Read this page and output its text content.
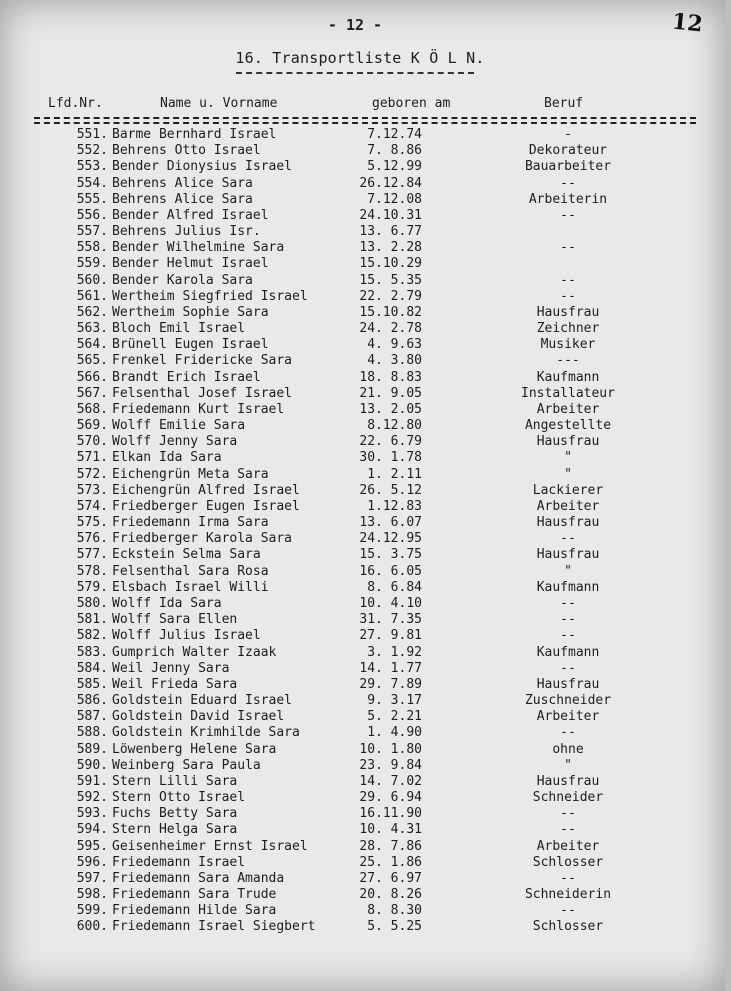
- 12 -	12
16. Transportliste K Ö L N.
Lfd.Nr.	Name u. Vorname	geboren am	Beruf
551. Barme Bernhard Israel	7.12.74	-
552. Behrens Otto Israel	7. 8.86	Dekorateur
553. Bender Dionysius Israel	5.12.99	Bauarbeiter
554. Behrens Alice Sara	26.12.84	--
555. Behrens Alice Sara	7.12.08	Arbeiterin
556. Bender Alfred Israel	24.10.31	--
557. Behrens Julius Isr.	13. 6.77
558. Bender Wilhelmine Sara	13. 2.28	--
559. Bender Helmut Israel	15.10.29
560. Bender Karola Sara	15. 5.35	--
561. Wertheim Siegfried Israel	22. 2.79	--
562. Wertheim Sophie Sara	15.10.82	Hausfrau
563. Bloch Emil Israel	24. 2.78	Zeichner
564. Brünell Eugen Israel	4. 9.63	Musiker
565. Frenkel Fridericke Sara	4. 3.80	---
566. Brandt Erich Israel	18. 8.83	Kaufmann
567. Felsenthal Josef Israel	21. 9.05	Installateur
568. Friedemann Kurt Israel	13. 2.05	Arbeiter
569. Wolff Emilie Sara	8.12.80	Angestellte
570. Wolff Jenny Sara	22. 6.79	Hausfrau
571. Elkan Ida Sara	30. 1.78	"
572. Eichengrün Meta Sara	1. 2.11	"
573. Eichengrün Alfred Israel	26. 5.12	Lackierer
574. Friedberger Eugen Israel	1.12.83	Arbeiter
575. Friedemann Irma Sara	13. 6.07	Hausfrau
576. Friedberger Karola Sara	24.12.95	--
577. Eckstein Selma Sara	15. 3.75	Hausfrau
578. Felsenthal Sara Rosa	16. 6.05	"
579. Elsbach Israel Willi	8. 6.84	Kaufmann
580. Wolff Ida Sara	10. 4.10	--
581. Wolff Sara Ellen	31. 7.35	--
582. Wolff Julius Israel	27. 9.81	--
583. Gumprich Walter Izaak	3. 1.92	Kaufmann
584. Weil Jenny Sara	14. 1.77	--
585. Weil Frieda Sara	29. 7.89	Hausfrau
586. Goldstein Eduard Israel	9. 3.17	Zuschneider
587. Goldstein David Israel	5. 2.21	Arbeiter
588. Goldstein Krimhilde Sara	1. 4.90	--
589. Löwenberg Helene Sara	10. 1.80	ohne
590. Weinberg Sara Paula	23. 9.84	"
591. Stern Lilli Sara	14. 7.02	Hausfrau
592. Stern Otto Israel	29. 6.94	Schneider
593. Fuchs Betty Sara	16.11.90	--
594. Stern Helga Sara	10. 4.31	--
595. Geisenheimer Ernst Israel	28. 7.86	Arbeiter
596. Friedemann Israel	25. 1.86	Schlosser
597. Friedemann Sara Amanda	27. 6.97	--
598. Friedemann Sara Trude	20. 8.26	Schneiderin
599. Friedemann Hilde Sara	8. 8.30	--
600. Friedemann Israel Siegbert	5. 5.25	Schlosser
